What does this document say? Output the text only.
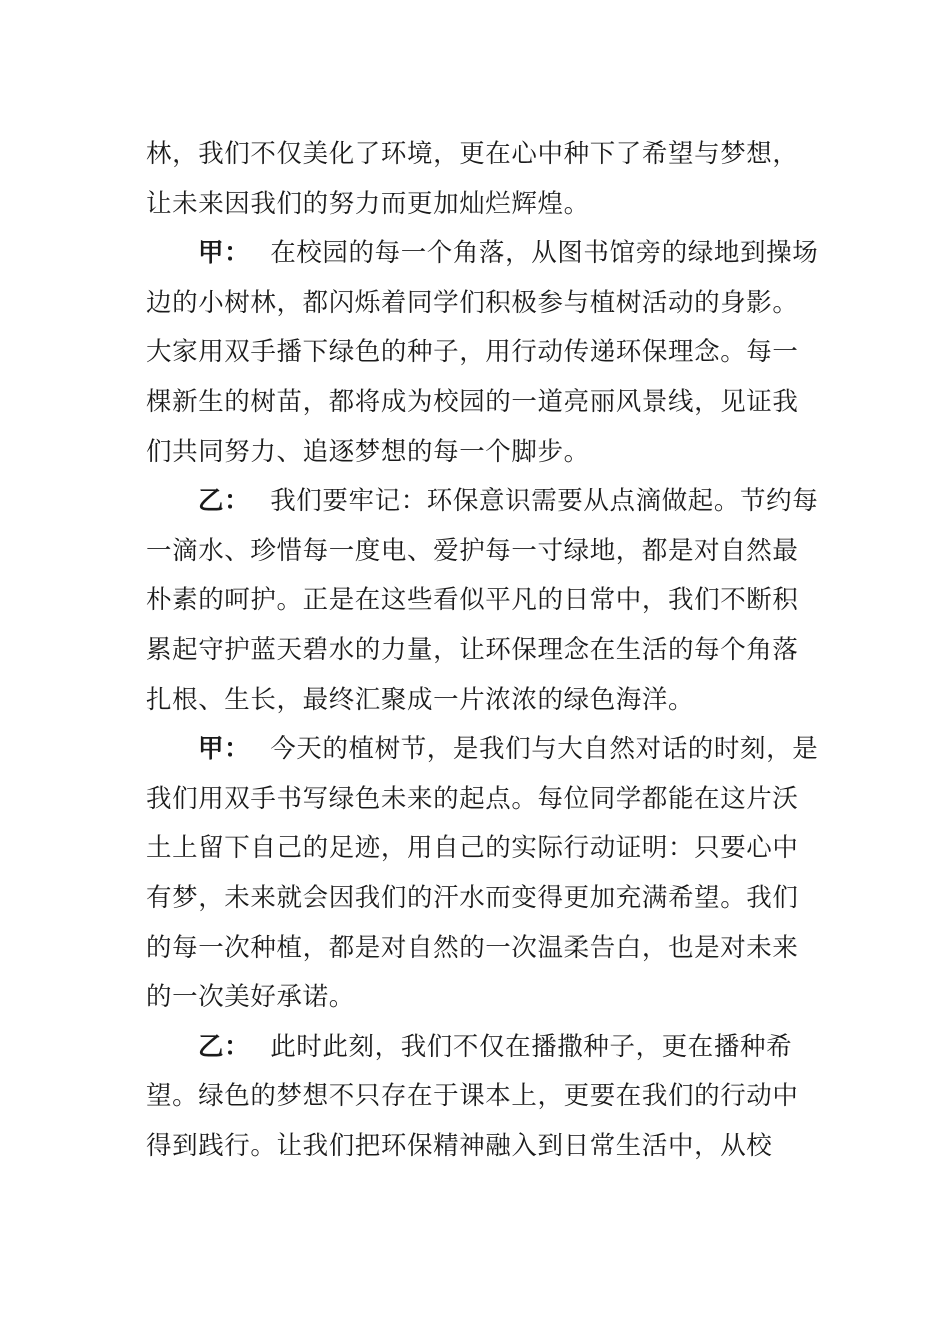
林，我们不仅美化了环境，更在心中种下了希望与梦想，
让未来因我们的努力而更加灿烂辉煌。
甲： 在校园的每一个角落，从图书馆旁的绿地到操场
边的小树林，都闪烁着同学们积极参与植树活动的身影。
大家用双手播下绿色的种子，用行动传递环保理念。每一
棵新生的树苗，都将成为校园的一道亮丽风景线，见证我
们共同努力、追逐梦想的每一个脚步。
乙： 我们要牢记：环保意识需要从点滴做起。节约每
一滴水、珍惜每一度电、爱护每一寸绿地，都是对自然最
朴素的呵护。正是在这些看似平凡的日常中，我们不断积
累起守护蓝天碧水的力量，让环保理念在生活的每个角落
扎根、生长，最终汇聚成一片浓浓的绿色海洋。
甲： 今天的植树节，是我们与大自然对话的时刻，是
我们用双手书写绿色未来的起点。每位同学都能在这片沃
土上留下自己的足迹，用自己的实际行动证明：只要心中
有梦，未来就会因我们的汗水而变得更加充满希望。我们
的每一次种植，都是对自然的一次温柔告白，也是对未来
的一次美好承诺。
乙： 此时此刻，我们不仅在播撒种子，更在播种希
望。绿色的梦想不只存在于课本上，更要在我们的行动中
得到践行。让我们把环保精神融入到日常生活中，从校
